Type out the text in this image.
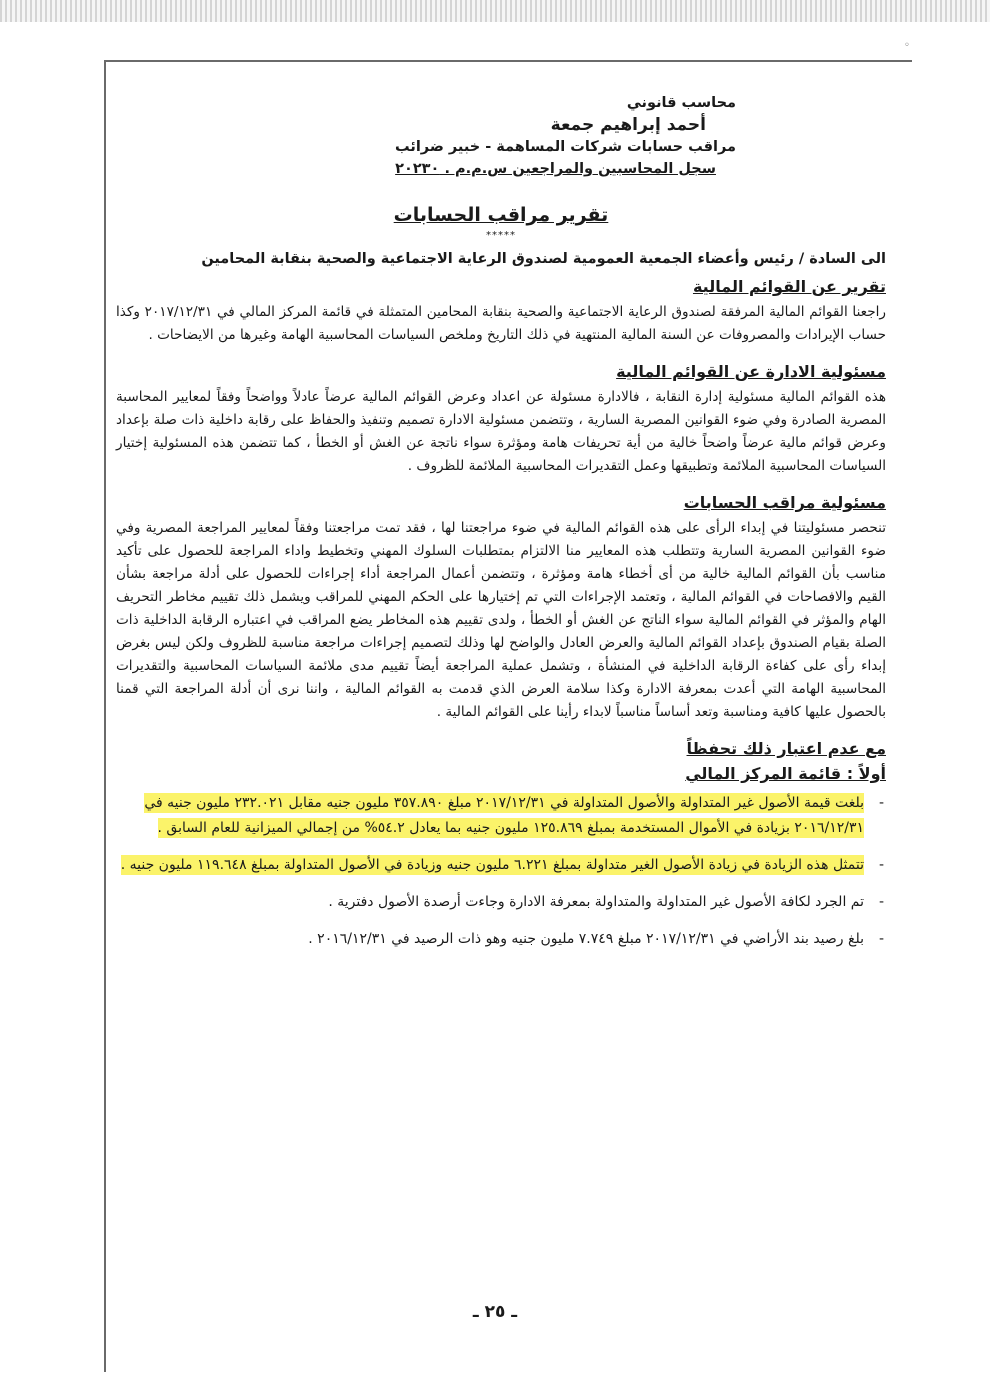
◦

محاسب قانوني

أحمد إبراهيم جمعة

مراقب حسابات شركات المساهمة - خبير ضرائب

سجل المحاسبين والمراجعين س.م.م . ٢٠٢٣٠

تقرير مراقب الحسابات
*****

الى السادة / رئيس وأعضاء الجمعية العمومية لصندوق الرعاية الاجتماعية والصحية بنقابة المحامين

تقرير عن القوائم المالية

راجعنا القوائم المالية المرفقة لصندوق الرعاية الاجتماعية والصحية بنقابة المحامين المتمثلة في قائمة المركز المالي في ٢٠١٧/١٢/٣١ وكذا حساب الإيرادات والمصروفات عن السنة المالية المنتهية في ذلك التاريخ وملخص السياسات المحاسبية الهامة وغيرها من الايضاحات .

مسئولية الادارة عن القوائم المالية

هذه القوائم المالية مسئولية إدارة النقابة ، فالادارة مسئولة عن اعداد وعرض القوائم المالية عرضاً عادلاً وواضحاً وفقاً لمعايير المحاسبة المصرية الصادرة وفي ضوء القوانين المصرية السارية ، وتتضمن مسئولية الادارة تصميم وتنفيذ والحفاظ على رقابة داخلية ذات صلة بإعداد وعرض قوائم مالية عرضاً واضحاً خالية من أية تحريفات هامة ومؤثرة سواء ناتجة عن الغش أو الخطأ ، كما تتضمن هذه المسئولية إختيار السياسات المحاسبية الملائمة وتطبيقها وعمل التقديرات المحاسبية الملائمة للظروف .

مسئولية مراقب الحسابات

تنحصر مسئوليتنا في إبداء الرأى على هذه القوائم المالية في ضوء مراجعتنا لها ، فقد تمت مراجعتنا وفقاً لمعايير المراجعة المصرية وفي ضوء القوانين المصرية السارية وتتطلب هذه المعايير منا الالتزام بمتطلبات السلوك المهني وتخطيط واداء المراجعة للحصول على تأكيد مناسب بأن القوائم المالية خالية من أى أخطاء هامة ومؤثرة ، وتتضمن أعمال المراجعة أداء إجراءات للحصول على أدلة مراجعة بشأن القيم والافصاحات في القوائم المالية ، وتعتمد الإجراءات التي تم إختيارها على الحكم المهني للمراقب ويشمل ذلك تقييم مخاطر التحريف الهام والمؤثر في القوائم المالية سواء الناتج عن الغش أو الخطأ ، ولدى تقييم هذه المخاطر يضع المراقب في اعتباره الرقابة الداخلية ذات الصلة بقيام الصندوق بإعداد القوائم المالية والعرض العادل والواضح لها وذلك لتصميم إجراءات مراجعة مناسبة للظروف ولكن ليس بغرض إبداء رأى على كفاءة الرقابة الداخلية في المنشأة ، وتشمل عملية المراجعة أيضاً تقييم مدى ملائمة السياسات المحاسبية والتقديرات المحاسبية الهامة التي أعدت بمعرفة الادارة وكذا سلامة العرض الذي قدمت به القوائم المالية ، واننا نرى أن أدلة المراجعة التي قمنا بالحصول عليها كافية ومناسبة وتعد أساساً مناسباً لابداء رأينا على القوائم المالية .

مع عدم اعتبار ذلك تحفظاً
أولاً : قائمة المركز المالي
-
بلغت قيمة الأصول غير المتداولة والأصول المتداولة في ٢٠١٧/١٢/٣١ مبلغ ٣٥٧.٨٩٠ مليون جنيه مقابل ٢٣٢.٠٢١ مليون جنيه في ٢٠١٦/١٢/٣١ بزيادة في الأموال المستخدمة بمبلغ ١٢٥.٨٦٩ مليون جنيه بما يعادل ٥٤.٢% من إجمالي الميزانية للعام السابق .
-
تتمثل هذه الزيادة في زيادة الأصول الغير متداولة بمبلغ ٦.٢٢١ مليون جنيه وزيادة في الأصول المتداولة بمبلغ ١١٩.٦٤٨ مليون جنيه .
-
تم الجرد لكافة الأصول غير المتداولة والمتداولة بمعرفة الادارة وجاءت أرصدة الأصول دفترية .
-
بلغ رصيد بند الأراضي في ٢٠١٧/١٢/٣١ مبلغ ٧.٧٤٩ مليون جنيه وهو ذات الرصيد في ٢٠١٦/١٢/٣١ .
ـ ٢٥ ـ
